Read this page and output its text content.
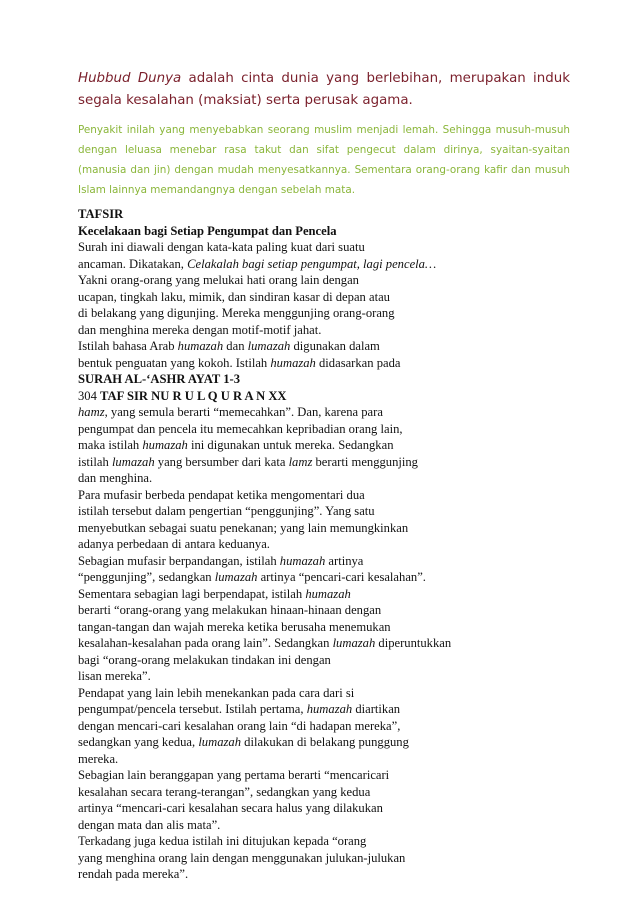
Hubbud Dunya adalah cinta dunia yang berlebihan, merupakan induk segala kesalahan (maksiat) serta perusak agama.

Penyakit inilah yang menyebabkan seorang muslim menjadi lemah. Sehingga musuh-musuh dengan leluasa menebar rasa takut dan sifat pengecut dalam dirinya, syaitan-syaitan (manusia dan jin) dengan mudah menyesatkannya. Sementara orang-orang kafir dan musuh Islam lainnya memandangnya dengan sebelah mata.

TAFSIR
Kecelakaan bagi Setiap Pengumpat dan Pencela
Surah ini diawali dengan kata-kata paling kuat dari suatu
ancaman. Dikatakan, Celakalah bagi setiap pengumpat, lagi pencela…
Yakni orang-orang yang melukai hati orang lain dengan
ucapan, tingkah laku, mimik, dan sindiran kasar di depan atau
di belakang yang digunjing. Mereka menggunjing orang-orang
dan menghina mereka dengan motif-motif jahat.
Istilah bahasa Arab humazah dan lumazah digunakan dalam
bentuk penguatan yang kokoh. Istilah humazah didasarkan pada
SURAH AL-‘ASHR AYAT 1-3
304 TAF SIR NU R U L Q U R A N XX
hamz, yang semula berarti “memecahkan”. Dan, karena para
pengumpat dan pencela itu memecahkan kepribadian orang lain,
maka istilah humazah ini digunakan untuk mereka. Sedangkan
istilah lumazah yang bersumber dari kata lamz berarti menggunjing
dan menghina.
Para mufasir berbeda pendapat ketika mengomentari dua
istilah tersebut dalam pengertian “penggunjing”. Yang satu
menyebutkan sebagai suatu penekanan; yang lain memungkinkan
adanya perbedaan di antara keduanya.
Sebagian mufasir berpandangan, istilah humazah artinya
“penggunjing”, sedangkan lumazah artinya “pencari-cari kesalahan”.
Sementara sebagian lagi berpendapat, istilah humazah
berarti “orang-orang yang melakukan hinaan-hinaan dengan
tangan-tangan dan wajah mereka ketika berusaha menemukan
kesalahan-kesalahan pada orang lain”. Sedangkan lumazah diperuntukkan
bagi “orang-orang melakukan tindakan ini dengan
lisan mereka”.
Pendapat yang lain lebih menekankan pada cara dari si
pengumpat/pencela tersebut. Istilah pertama, humazah diartikan
dengan mencari-cari kesalahan orang lain “di hadapan mereka”,
sedangkan yang kedua, lumazah dilakukan di belakang punggung
mereka.
Sebagian lain beranggapan yang pertama berarti “mencaricari
kesalahan secara terang-terangan”, sedangkan yang kedua
artinya “mencari-cari kesalahan secara halus yang dilakukan
dengan mata dan alis mata”.
Terkadang juga kedua istilah ini ditujukan kepada “orang
yang menghina orang lain dengan menggunakan julukan-julukan
rendah pada mereka”.
